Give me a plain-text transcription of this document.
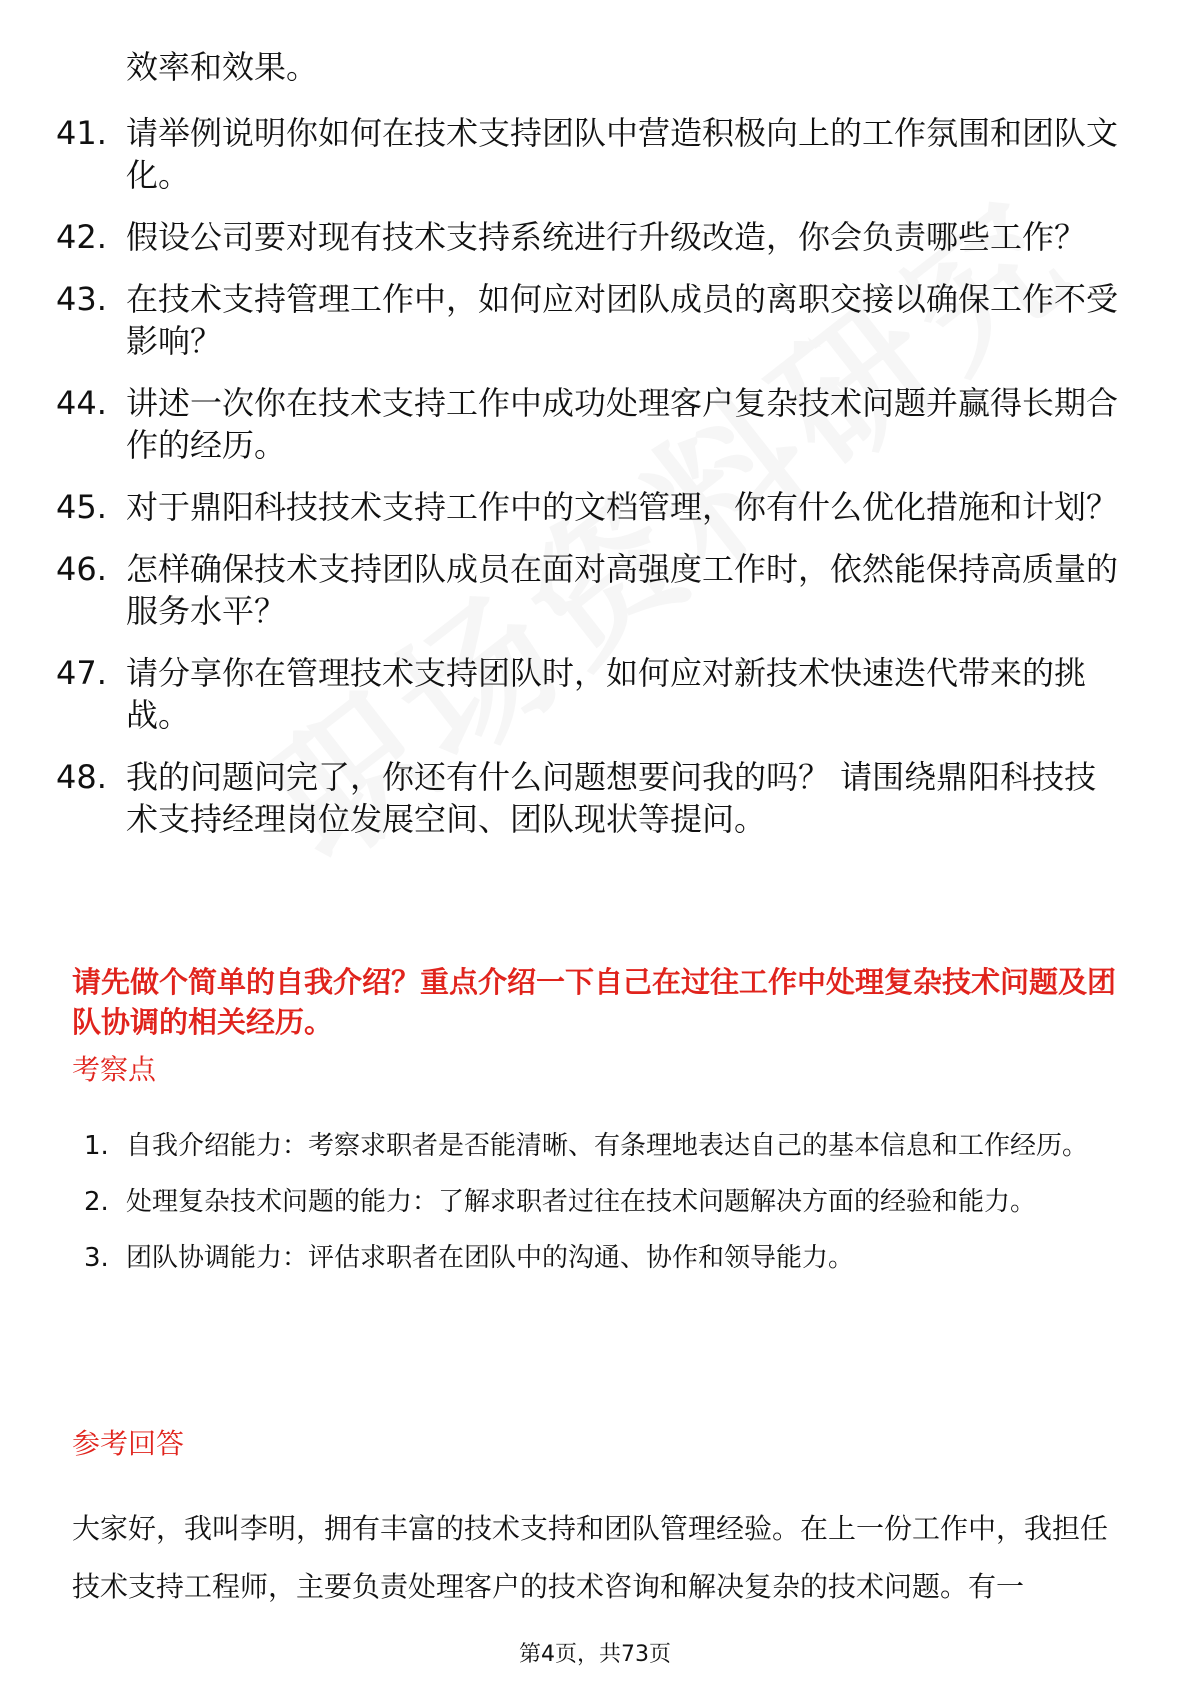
效率和效果。
41. 请举例说明你如何在技术支持团队中营造积极向上的工作氛围和团队文化。
42. 假设公司要对现有技术支持系统进行升级改造，你会负责哪些工作？
43. 在技术支持管理工作中，如何应对团队成员的离职交接以确保工作不受影响？
44. 讲述一次你在技术支持工作中成功处理客户复杂技术问题并赢得长期合作的经历。
45. 对于鼎阳科技技术支持工作中的文档管理，你有什么优化措施和计划？
46. 怎样确保技术支持团队成员在面对高强度工作时，依然能保持高质量的服务水平？
47. 请分享你在管理技术支持团队时，如何应对新技术快速迭代带来的挑战。
48. 我的问题问完了，你还有什么问题想要问我的吗？ 请围绕鼎阳科技技术支持经理岗位发展空间、团队现状等提问。
请先做个简单的自我介绍？重点介绍一下自己在过往工作中处理复杂技术问题及团队协调的相关经历。
考察点
1. 自我介绍能力：考察求职者是否能清晰、有条理地表达自己的基本信息和工作经历。
2. 处理复杂技术问题的能力：了解求职者过往在技术问题解决方面的经验和能力。
3. 团队协调能力：评估求职者在团队中的沟通、协作和领导能力。
参考回答
大家好，我叫李明，拥有丰富的技术支持和团队管理经验。在上一份工作中，我担任技术支持工程师，主要负责处理客户的技术咨询和解决复杂的技术问题。有一
第4页，共73页
